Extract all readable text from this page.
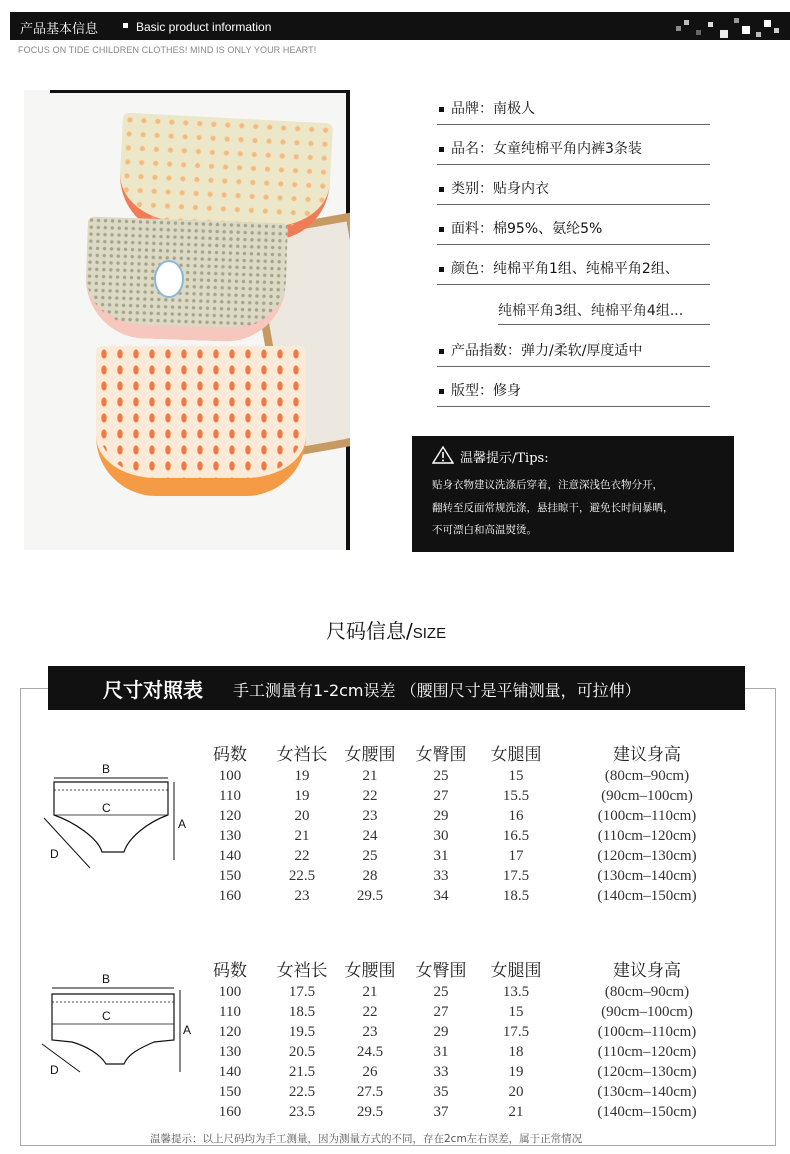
产品基本信息	Basic product information
FOCUS ON TIDE CHILDREN CLOTHES! MIND IS ONLY YOUR HEART!
品牌：南极人
品名：女童纯棉平角内裤3条装
类别：贴身内衣
面料：棉95%、氨纶5%
颜色：纯棉平角1组、纯棉平角2组、
纯棉平角3组、纯棉平角4组...
产品指数：弹力/柔软/厚度适中
版型：修身
温馨提示/Tips:
贴身衣物建议洗涤后穿着，注意深浅色衣物分开，
翻转至反面常规洗涤，悬挂晾干，避免长时间暴晒，
不可漂白和高温熨烫。
尺码信息/SIZE
尺寸对照表 手工测量有1-2cm误差 （腰围尺寸是平铺测量，可拉伸）
B
C
A
D
码数 女裆长 女腰围 女臀围 女腿围	建议身高
100	19	21	25	15	(80cm–90cm)
110	19	22	27	15.5	(90cm–100cm)
120	20	23	29	16	(100cm–110cm)
130	21	24	30	16.5	(110cm–120cm)
140	22	25	31	17	(120cm–130cm)
150	22.5	28	33	17.5	(130cm–140cm)
160	23	29.5	34	18.5	(140cm–150cm)
B
C
A
D
码数 女裆长 女腰围 女臀围 女腿围	建议身高
100	17.5	21	25	13.5	(80cm–90cm)
110	18.5	22	27	15	(90cm–100cm)
120	19.5	23	29	17.5	(100cm–110cm)
130	20.5	24.5	31	18	(110cm–120cm)
140	21.5	26	33	19	(120cm–130cm)
150	22.5	27.5	35	20	(130cm–140cm)
160	23.5	29.5	37	21	(140cm–150cm)
温馨提示：以上尺码均为手工测量，因为测量方式的不同，存在2cm左右误差，属于正常情况
